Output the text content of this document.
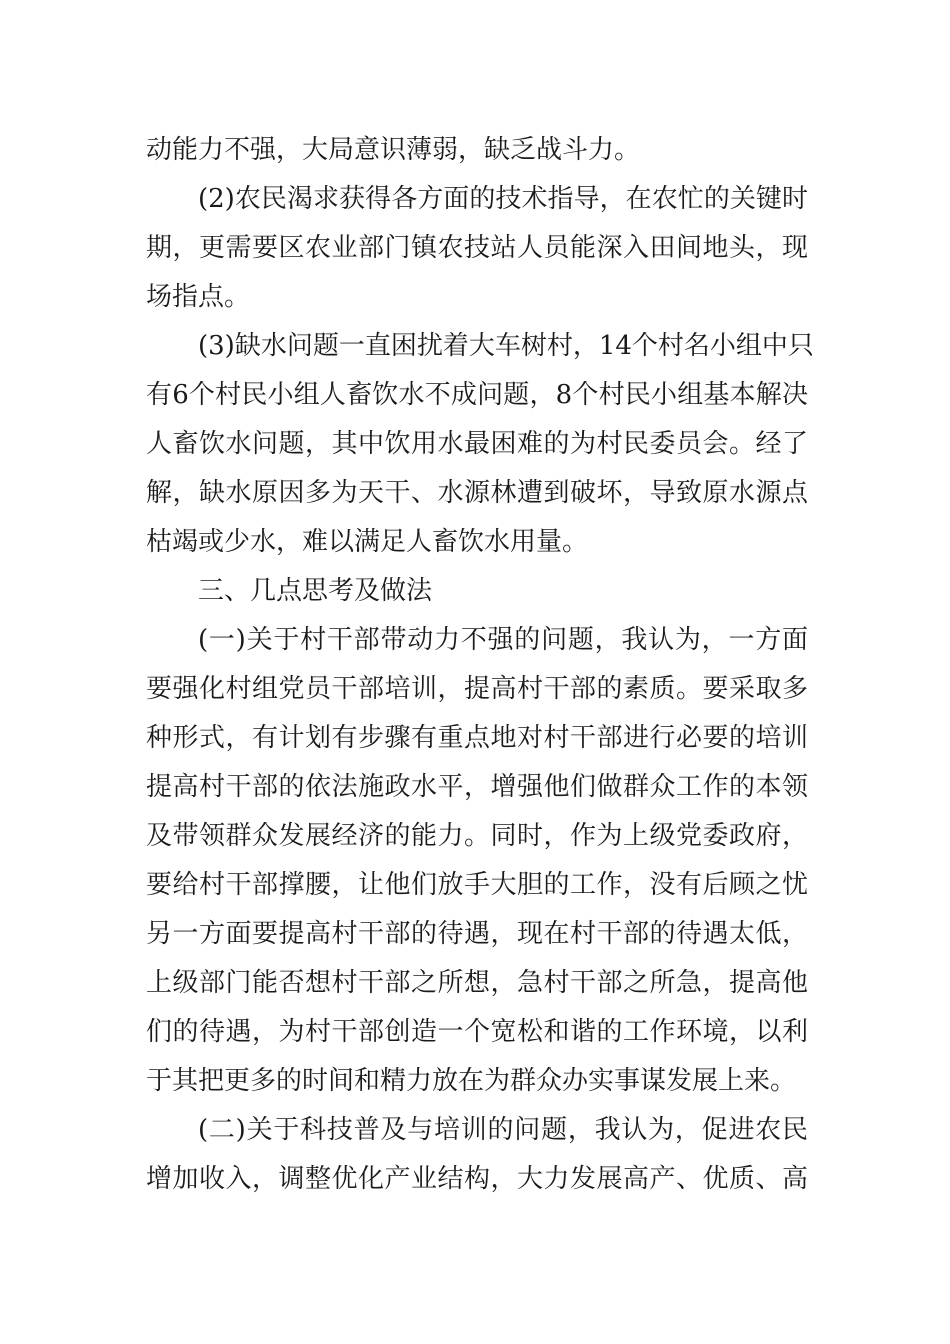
动能力不强，大局意识薄弱，缺乏战斗力。
(2)农民渴求获得各方面的技术指导，在农忙的关键时
期，更需要区农业部门镇农技站人员能深入田间地头，现
场指点。
(3)缺水问题一直困扰着大车树村，14个村名小组中只
有6个村民小组人畜饮水不成问题，8个村民小组基本解决
人畜饮水问题，其中饮用水最困难的为村民委员会。经了
解，缺水原因多为天干、水源林遭到破坏，导致原水源点
枯竭或少水，难以满足人畜饮水用量。
三、几点思考及做法
(一)关于村干部带动力不强的问题，我认为，一方面
要强化村组党员干部培训，提高村干部的素质。要采取多
种形式，有计划有步骤有重点地对村干部进行必要的培训
提高村干部的依法施政水平，增强他们做群众工作的本领
及带领群众发展经济的能力。同时，作为上级党委政府，
要给村干部撑腰，让他们放手大胆的工作，没有后顾之忧
另一方面要提高村干部的待遇，现在村干部的待遇太低，
上级部门能否想村干部之所想，急村干部之所急，提高他
们的待遇，为村干部创造一个宽松和谐的工作环境，以利
于其把更多的时间和精力放在为群众办实事谋发展上来。
(二)关于科技普及与培训的问题，我认为，促进农民
增加收入，调整优化产业结构，大力发展高产、优质、高
